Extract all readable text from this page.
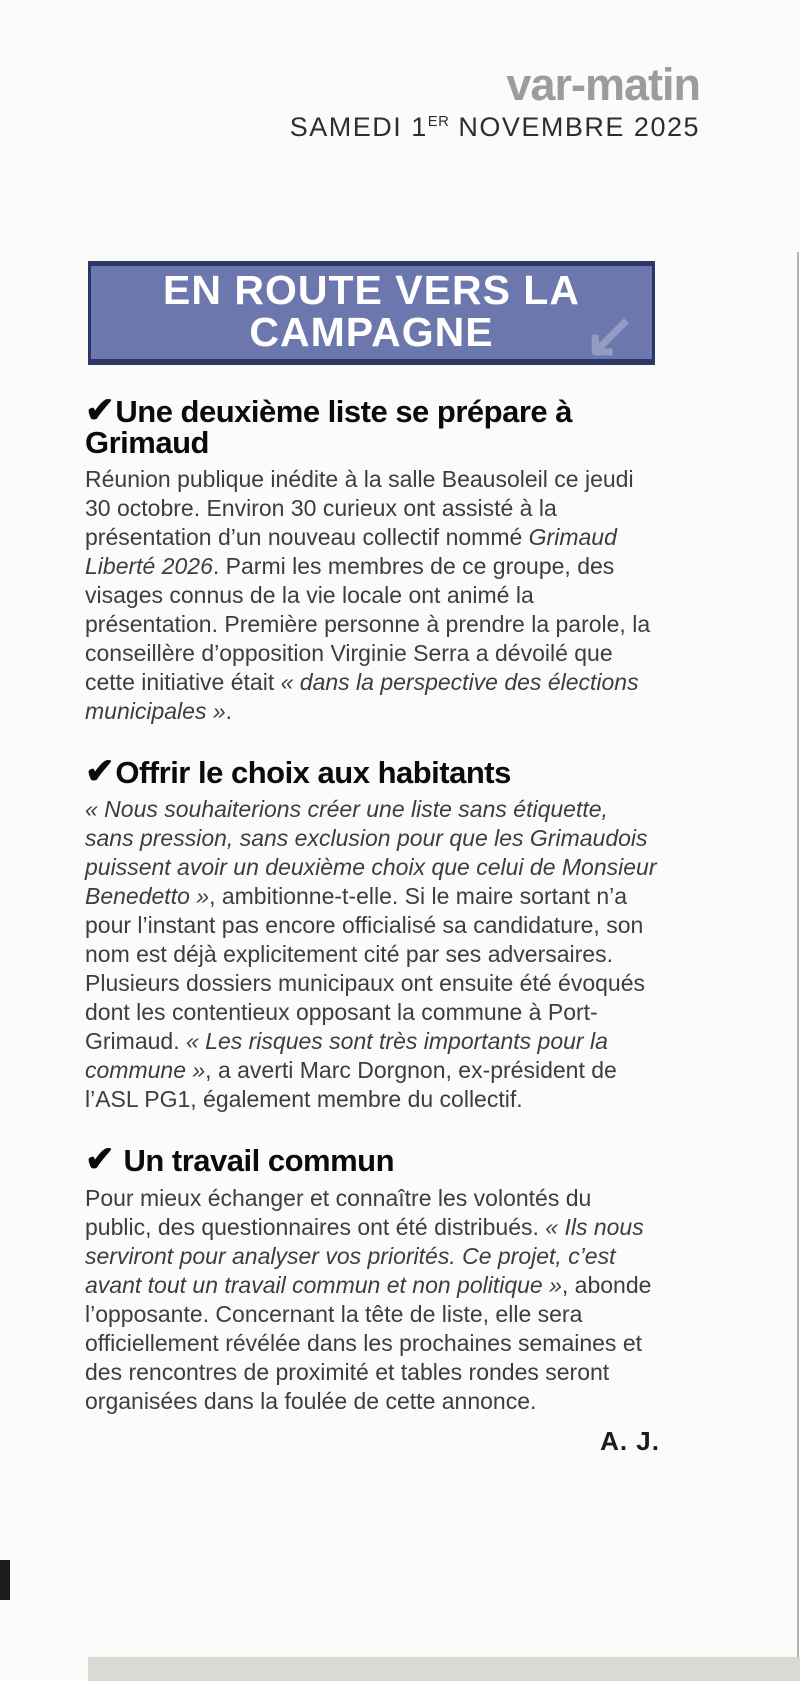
var-matin
SAMEDI 1ER NOVEMBRE 2025
EN ROUTE VERS LA
CAMPAGNE	↙
✔Une deuxième liste se prépare à Grimaud

Réunion publique inédite à la salle Beausoleil ce jeudi 30 octobre. Environ 30 curieux ont assisté à la présentation d’un nouveau collectif nommé Grimaud Liberté 2026. Parmi les membres de ce groupe, des visages connus de la vie locale ont animé la présentation. Première personne à prendre la parole, la conseillère d’opposition Virginie Serra a dévoilé que cette initiative était « dans la perspective des élections municipales ».

✔Offrir le choix aux habitants

« Nous souhaiterions créer une liste sans étiquette, sans pression, sans exclusion pour que les Grimaudois puissent avoir un deuxième choix que celui de Monsieur Benedetto », ambitionne-t-elle. Si le maire sortant n’a pour l’instant pas encore officialisé sa candidature, son nom est déjà explicitement cité par ses adversaires. Plusieurs dossiers municipaux ont ensuite été évoqués dont les contentieux opposant la commune à Port-Grimaud. « Les risques sont très importants pour la commune », a averti Marc Dorgnon, ex-président de l’ASL PG1, également membre du collectif.

✔ Un travail commun

Pour mieux échanger et connaître les volontés du public, des questionnaires ont été distribués. « Ils nous serviront pour analyser vos priorités. Ce projet, c’est avant tout un travail commun et non politique », abonde l’opposante. Concernant la tête de liste, elle sera officiellement révélée dans les prochaines semaines et des rencontres de proximité et tables rondes seront organisées dans la foulée de cette annonce.

A. J.
